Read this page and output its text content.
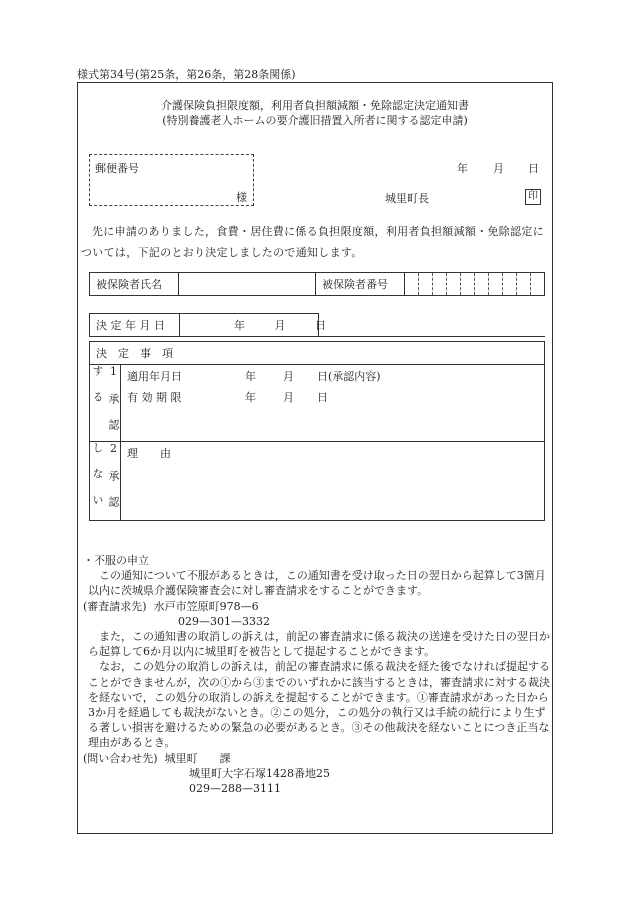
様式第34号(第25条，第26条，第28条関係)
介護保険負担限度額，利用者負担額減額・免除認定決定通知書
(特別養護老人ホームの要介護旧措置入所者に関する認定申請)
郵便番号
様
年 月 日
城里町長	印
先に申請のありました，食費・居住費に係る負担限度額，利用者負担額減額・免除認定については，下記のとおり決定しましたので通知します。
被保険者氏名		被保険者番号	
決 定 年 月 日	年	月	日	

決　定　事　項

1 承 認 す る	適用年月日	年 月 日(承認内容)
有 効 期 限	年 月 日

2 承 認 し な い	理　　由

・不服の申立

この通知について不服があるときは，この通知書を受け取った日の翌日から起算して3箇月以内に茨城県介護保険審査会に対し審査請求をすることができます。

(審査請求先) 水戸市笠原町978—6

029—301—3332

また，この通知書の取消しの訴えは，前記の審査請求に係る裁決の送達を受けた日の翌日から起算して6か月以内に城里町を被告として提起することができます。

なお，この処分の取消しの訴えは，前記の審査請求に係る裁決を経た後でなければ提起することができませんが，次の①から③までのいずれかに該当するときは，審査請求に対する裁決を経ないで，この処分の取消しの訴えを提起することができます。①審査請求があった日から3か月を経過しても裁決がないとき。②この処分，この処分の執行又は手続の続行により生ずる著しい損害を避けるための緊急の必要があるとき。③その他裁決を経ないことにつき正当な理由があるとき。

(問い合わせ先) 城里町　　課

城里町大字石塚1428番地25

029—288—3111
